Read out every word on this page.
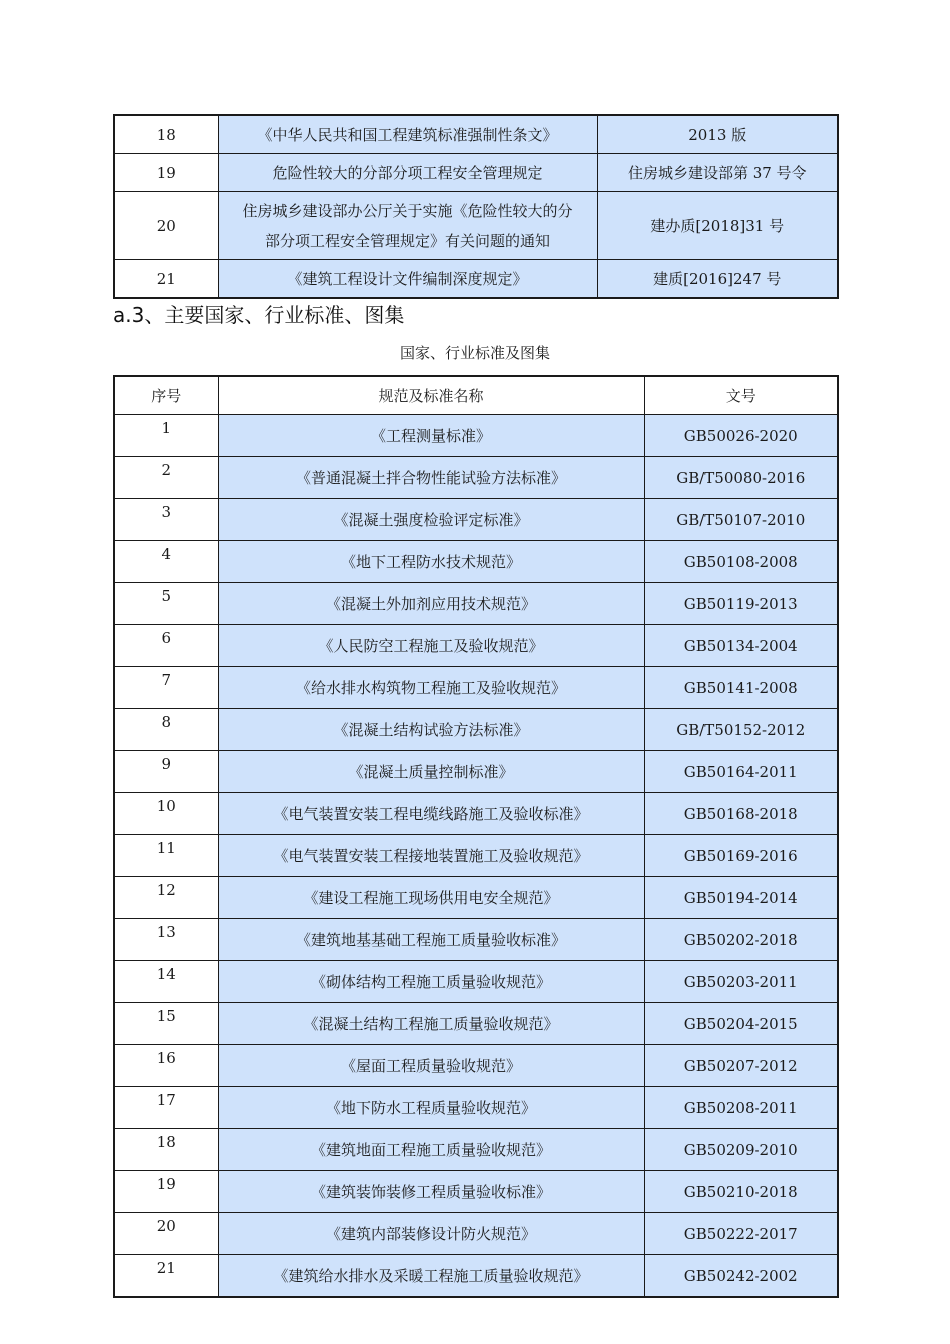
18	《中华人民共和国工程建筑标准强制性条文》	2013 版
19	危险性较大的分部分项工程安全管理规定	住房城乡建设部第 37 号令
20	住房城乡建设部办公厅关于实施《危险性较大的分
部分项工程安全管理规定》有关问题的通知	建办质[2018]31 号
21	《建筑工程设计文件编制深度规定》	建质[2016]247 号
a.3、主要国家、行业标准、图集
国家、行业标准及图集
序号	规范及标准名称	文号
1	《工程测量标准》	GB50026-2020
2	《普通混凝土拌合物性能试验方法标准》	GB/T50080-2016
3	《混凝土强度检验评定标准》	GB/T50107-2010
4	《地下工程防水技术规范》	GB50108-2008
5	《混凝土外加剂应用技术规范》	GB50119-2013
6	《人民防空工程施工及验收规范》	GB50134-2004
7	《给水排水构筑物工程施工及验收规范》	GB50141-2008
8	《混凝土结构试验方法标准》	GB/T50152-2012
9	《混凝土质量控制标准》	GB50164-2011
10	《电气装置安装工程电缆线路施工及验收标准》	GB50168-2018
11	《电气装置安装工程接地装置施工及验收规范》	GB50169-2016
12	《建设工程施工现场供用电安全规范》	GB50194-2014
13	《建筑地基基础工程施工质量验收标准》	GB50202-2018
14	《砌体结构工程施工质量验收规范》	GB50203-2011
15	《混凝土结构工程施工质量验收规范》	GB50204-2015
16	《屋面工程质量验收规范》	GB50207-2012
17	《地下防水工程质量验收规范》	GB50208-2011
18	《建筑地面工程施工质量验收规范》	GB50209-2010
19	《建筑装饰装修工程质量验收标准》	GB50210-2018
20	《建筑内部装修设计防火规范》	GB50222-2017
21	《建筑给水排水及采暖工程施工质量验收规范》	GB50242-2002
